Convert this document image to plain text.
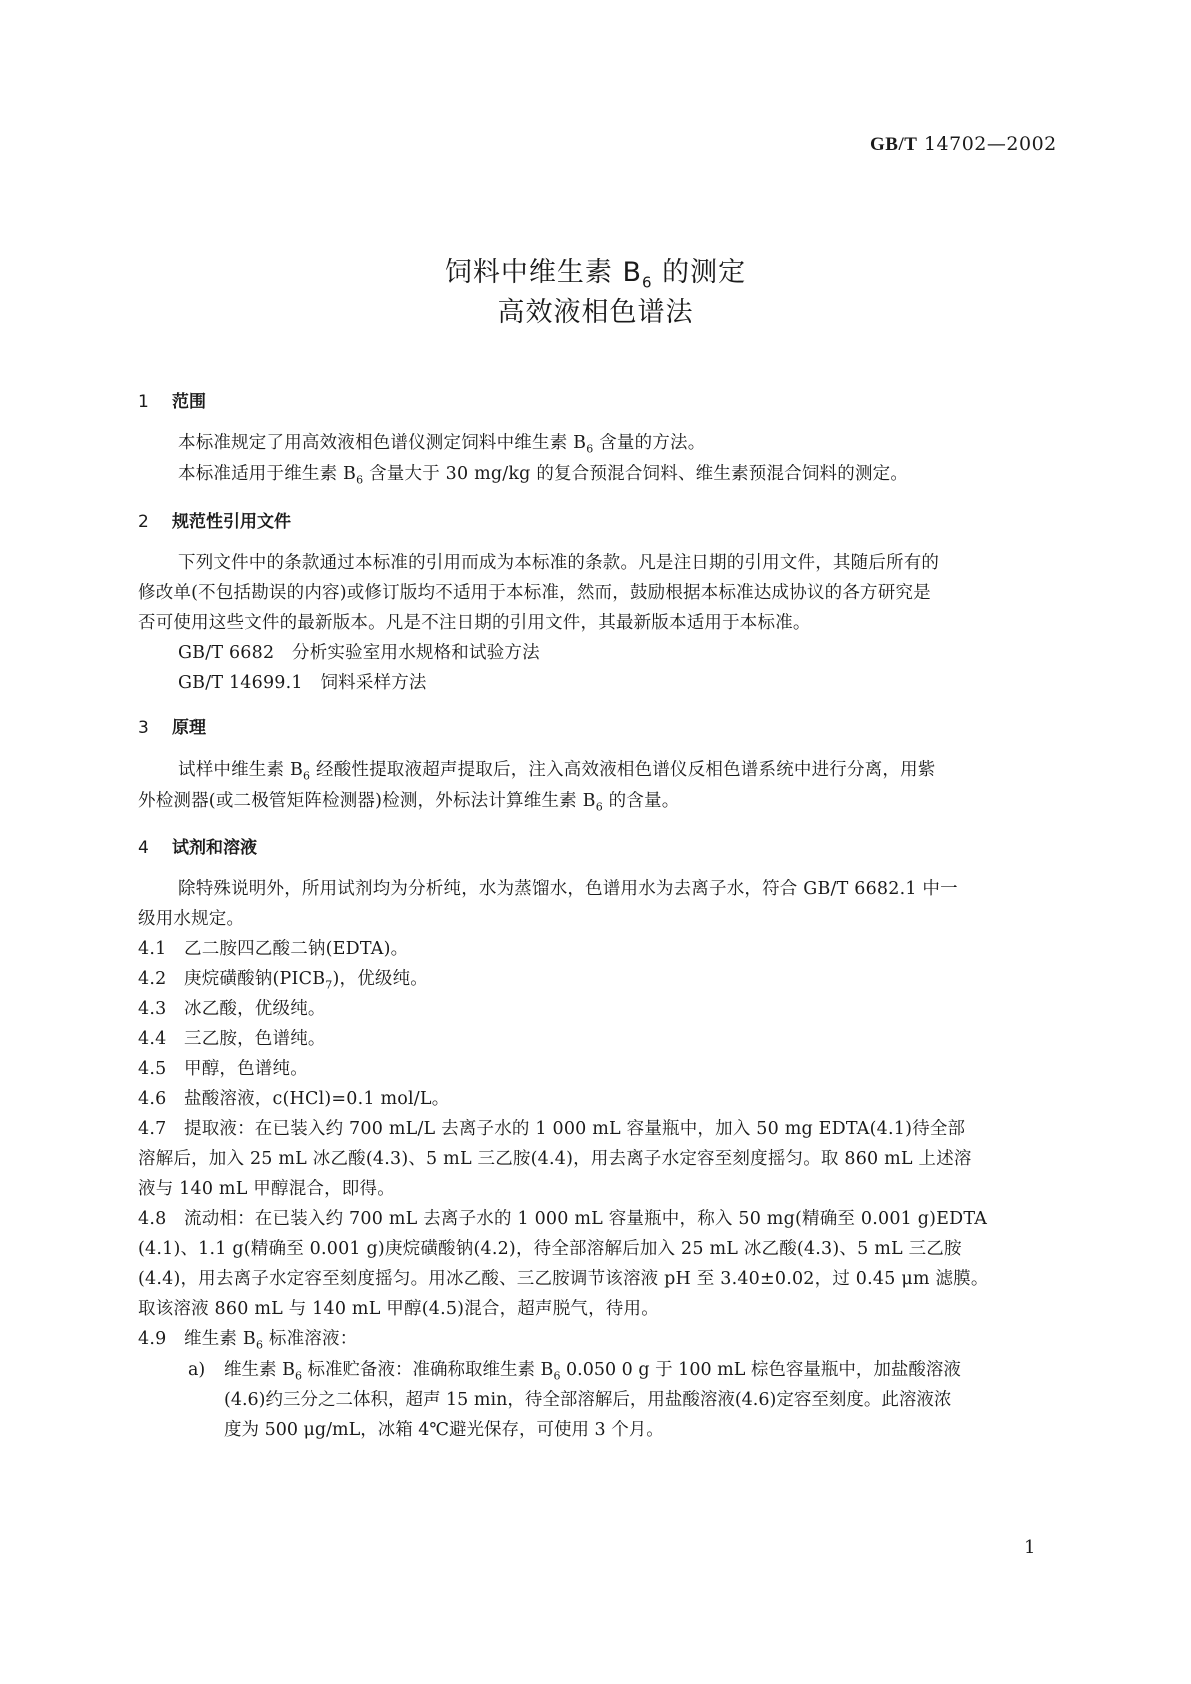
GB/T 14702—2002
饲料中维生素 $B_6$ 的测定
高效液相色谱法
1 范围
本标准规定了用高效液相色谱仪测定饲料中维生素 $B_6$ 含量的方法。
本标准适用于维生素 $B_6$ 含量大于 30 mg/kg 的复合预混合饲料、维生素预混合饲料的测定。
2 规范性引用文件
下列文件中的条款通过本标准的引用而成为本标准的条款。凡是注日期的引用文件，其随后所有的
修改单(不包括勘误的内容)或修订版均不适用于本标准，然而，鼓励根据本标准达成协议的各方研究是
否可使用这些文件的最新版本。凡是不注日期的引用文件，其最新版本适用于本标准。
GB/T 6682　分析实验室用水规格和试验方法
GB/T 14699.1　饲料采样方法
3 原理
试样中维生素 $B_6$ 经酸性提取液超声提取后，注入高效液相色谱仪反相色谱系统中进行分离，用紫
外检测器(或二极管矩阵检测器)检测，外标法计算维生素 $B_6$ 的含量。
4 试剂和溶液
除特殊说明外，所用试剂均为分析纯，水为蒸馏水，色谱用水为去离子水，符合 GB/T 6682.1 中一
级用水规定。
4.1 乙二胺四乙酸二钠(EDTA)。
4.2 庚烷磺酸钠$(PICB_7)$，优级纯。
4.3 冰乙酸，优级纯。
4.4 三乙胺，色谱纯。
4.5 甲醇，色谱纯。
4.6 盐酸溶液，c(HCl)=0.1 mol/L。
4.7 提取液：在已装入约 700 mL/L 去离子水的 1 000 mL 容量瓶中，加入 50 mg EDTA(4.1)待全部
溶解后，加入 25 mL 冰乙酸(4.3)、5 mL 三乙胺(4.4)，用去离子水定容至刻度摇匀。取 860 mL 上述溶
液与 140 mL 甲醇混合，即得。
4.8 流动相：在已装入约 700 mL 去离子水的 1 000 mL 容量瓶中，称入 50 mg(精确至 0.001 g)EDTA
(4.1)、1.1 g(精确至 0.001 g)庚烷磺酸钠(4.2)，待全部溶解后加入 25 mL 冰乙酸(4.3)、5 mL 三乙胺
(4.4)，用去离子水定容至刻度摇匀。用冰乙酸、三乙胺调节该溶液 pH 至 3.40±0.02，过 0.45 μm 滤膜。
取该溶液 860 mL 与 140 mL 甲醇(4.5)混合，超声脱气，待用。
4.9 维生素 $B_6$ 标准溶液：
a) 维生素 $B_6$ 标准贮备液：准确称取维生素 $B_6$ 0.050 0 g 于 100 mL 棕色容量瓶中，加盐酸溶液
(4.6)约三分之二体积，超声 15 min，待全部溶解后，用盐酸溶液(4.6)定容至刻度。此溶液浓
度为 500 μg/mL，冰箱 4℃避光保存，可使用 3 个月。
1
